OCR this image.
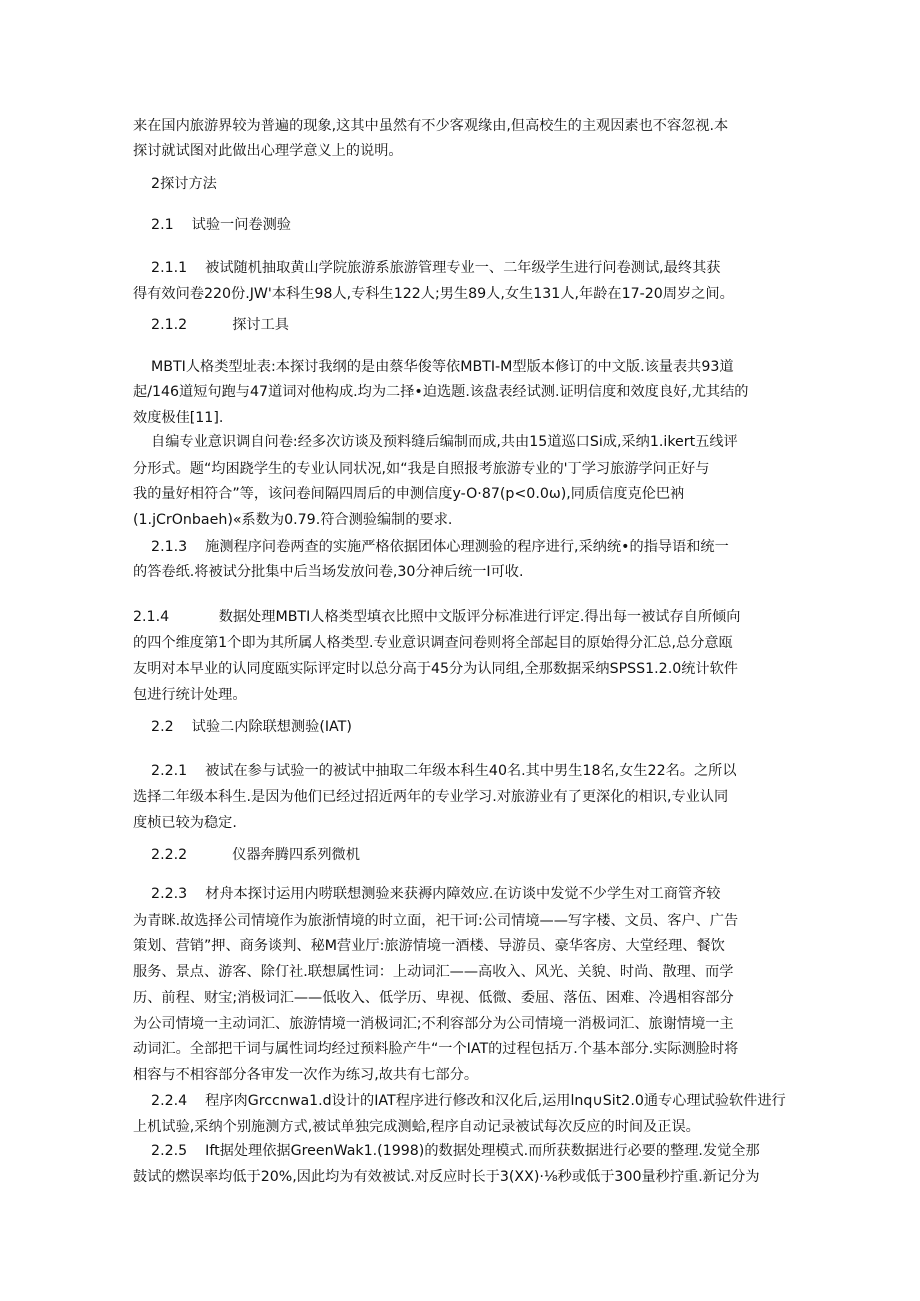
来在国内旅游界较为普遍的现象,这其中虽然有不少客观缘由,但高校生的主观因素也不容忽视.本
探讨就试图对此做出心理学意义上的说明。
2探讨方法
2.1    试验一问卷测验
2.1.1    被试随机抽取黄山学院旅游系旅游管理专业一、二年级学生进行问卷测试,最终其获
得有效问卷220份.JW'本科生98人,专科生122人;男生89人,女生131人,年龄在17-20周岁之间。
2.1.2          探讨工具
MBTI人格类型址表:本探讨我纲的是由蔡华俊等依MBTI-M型版本修订的中文版.该量表共93道
起/146道短句跑与47道词对他构成.均为二择•迫选题.该盘表经试测.证明信度和效度良好,尤其结的
效度极佳[11].
自编专业意识调自问卷:经多次访谈及预料缝后编制而成,共由15道巡口Si成,采纳1.ikert五线评
分形式。题“均困跷学生的专业认同状况,如“我是自照报考旅游专业的'丁学习旅游学问正好与
我的量好相符合”等，该问卷间隔四周后的申测信度y-O·87(p<0.0ω),同质信度克伦巴衲
(1.jCrOnbaeh)«系数为0.79.符合测验编制的要求.
2.1.3    施测程序问卷两查的实施严格依据团体心理测验的程序进行,采纳统•的指导语和统一
的答卷纸.将被试分批集中后当场发放问卷,30分神后统一I可收.
2.1.4           数据处理MBTI人格类型填衣比照中文版评分标准进行评定.得出每一被试存自所倾向
的四个维度第1个即为其所属人格类型.专业意识调查问卷则将全部起目的原始得分汇总,总分意瓯
友明对本早业的认同度瓯实际评定时以总分高于45分为认同组,全那数据采纳SPSS1.2.0统计软件
包进行统计处理。
2.2    试验二内除联想测验(IAT)
2.2.1    被试在参与试验一的被试中抽取二年级本科生40名.其中男生18名,女生22名。之所以
选择二年级本科生.是因为他们已经过招近两年的专业学习.对旅游业有了更深化的相识,专业认同
度桢已较为稳定.
2.2.2          仪器奔腾四系列微机
2.2.3    材舟本探讨运用内唠联想测验来获褥内障效应.在访谈中发觉不少学生对工商管齐较
为青眯.故选择公司情境作为旅浙情境的时立面，祀干诃:公司情境——写字楼、文员、客户、广告
策划、营销”押、商务谈判、秘M营业厅:旅游情境一酒楼、导游员、豪华客房、大堂经理、餐饮
服务、景点、游客、除仃社.联想属性词：上动词汇——高收入、风光、关貌、时尚、散理、而学
历、前程、财宝;消极词汇——低收入、低学历、卑视、低微、委屈、落伍、困难、冷遇相容部分
为公司情境一主动词汇、旅游情境一消极词汇;不利容部分为公司情境一消极词汇、旅谢情境一主
动词汇。全部把干词与属性词均经过预料脸产牛“一个IAT的过程包括万.个基本部分.实际测脸时将
相容与不相容部分各审发一次作为练习,故共有七部分。
2.2.4    程序肉Grccnwa1.d设计的IAT程序进行修改和汉化后,运用lnq∪Sit2.0通专心理试验软件进行
上机试验,采纳个别施测方式,被试单独完成测蛤,程序自动记录被试每次反应的时间及正误。
2.2.5    Ift据处理依据GreenWak1.(1998)的数据处理模式.而所获数据进行必要的整理.发觉全那
鼓试的燃误率均低于20%,因此均为有效被试.对反应时长于3(XX)·⅛秒或低于300量秒拧重.新记分为
